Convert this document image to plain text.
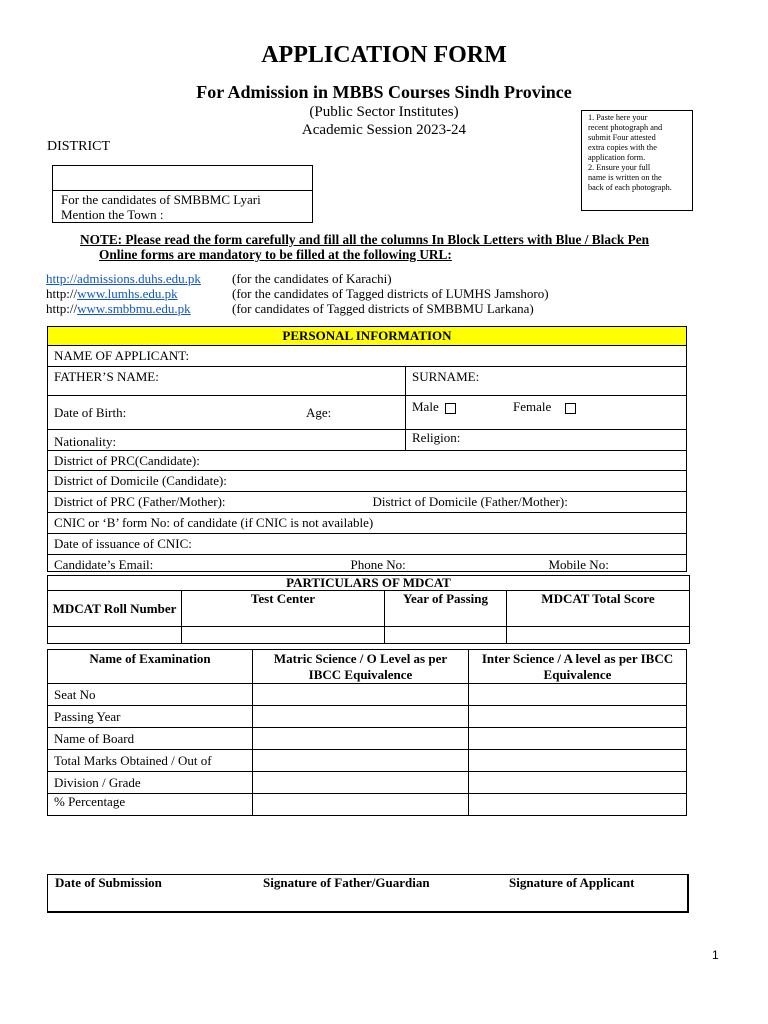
APPLICATION FORM
For Admission in MBBS Courses Sindh Province
(Public Sector Institutes)
Academic Session 2023-24
DISTRICT
1. Paste here your
recent photograph and
submit Four attested
extra copies with the
application form.
2. Ensure your full
name is written on the
back of each photograph.
For the candidates of SMBBMC Lyari
Mention the Town :
NOTE: Please read the form carefully and fill all the columns In Block Letters with Blue / Black Pen
Online forms are mandatory to be filled at the following URL:
http://admissions.duhs.edu.pk (for the candidates of Karachi)
http://www.lumhs.edu.pk	(for the candidates of Tagged districts of LUMHS Jamshoro)
http://www.smbbmu.edu.pk	(for candidates of Tagged districts of SMBBMU Larkana)
PERSONAL INFORMATION		
NAME OF APPLICANT:		
FATHER’S NAME:		SURNAME:
Date of Birth:	Age:	Male Female
Nationality:		Religion:
District of PRC(Candidate):		
District of Domicile (Candidate):		
District of PRC (Father/Mother): District of Domicile (Father/Mother):		

CNIC or ‘B’ form No: of candidate (if CNIC is not available)		
Date of issuance of CNIC:		
Candidate’s Email: Phone No: Mobile No:		
PARTICULARS OF MDCAT			
MDCAT Roll Number	Test Center	Year of Passing	MDCAT Total Score

Name of Examination	Matric Science / O Level as per IBCC Equivalence	Inter Science / A level as per IBCC Equivalence
Seat No		
Passing Year		
Name of Board		
Total Marks Obtained / Out of		
Division / Grade		
% Percentage		
Date of Submission	Signature of Father/Guardian	Signature of Applicant
1
